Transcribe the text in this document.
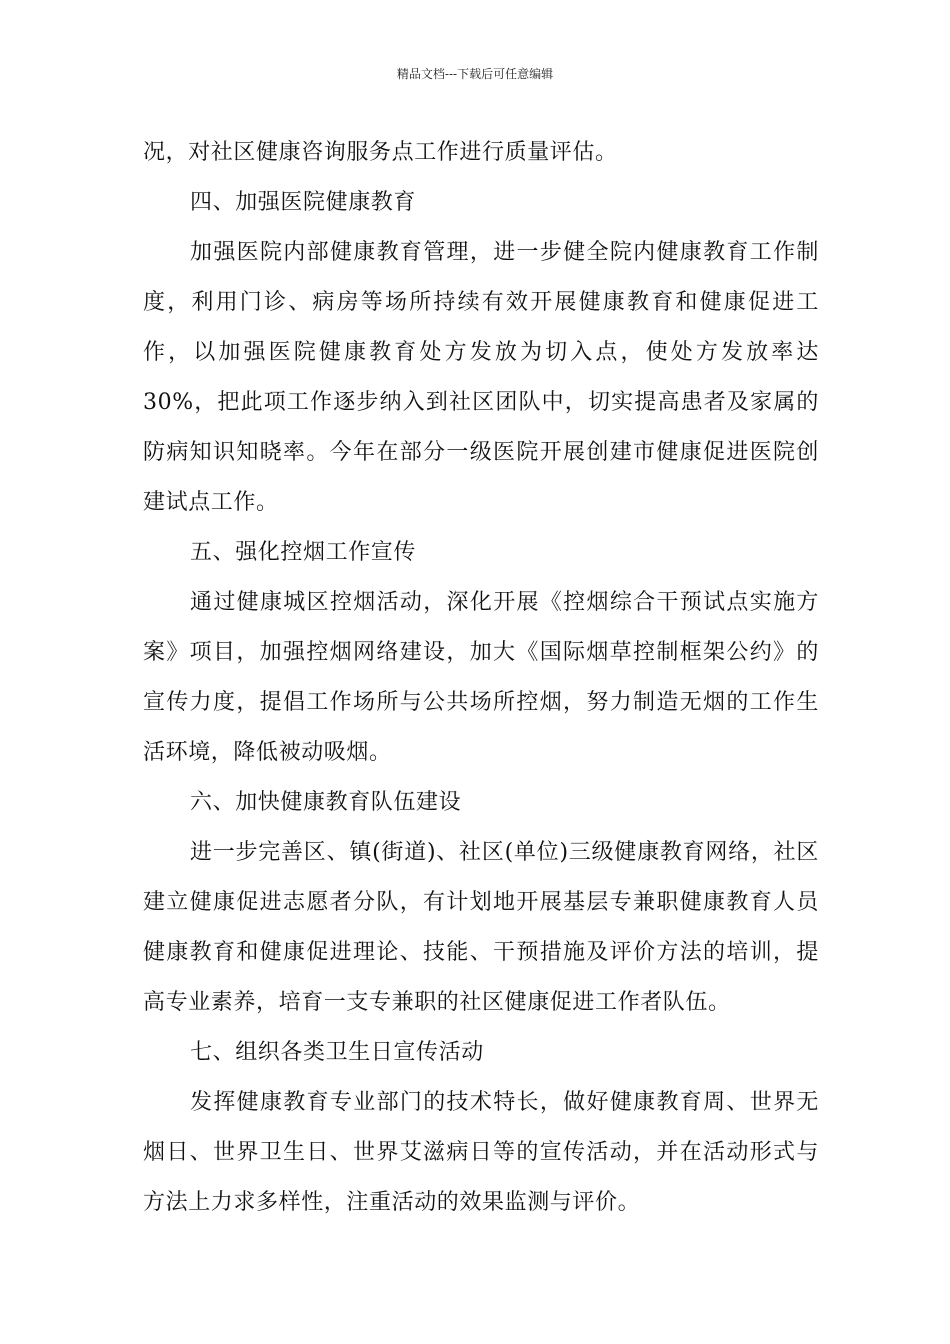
精品文档---下载后可任意编辑

况，对社区健康咨询服务点工作进行质量评估。

四、加强医院健康教育

加强医院内部健康教育管理，进一步健全院内健康教育工作制度，利用门诊、病房等场所持续有效开展健康教育和健康促进工作，以加强医院健康教育处方发放为切入点，使处方发放率达 30%，把此项工作逐步纳入到社区团队中，切实提高患者及家属的防病知识知晓率。今年在部分一级医院开展创建市健康促进医院创建试点工作。

五、强化控烟工作宣传

通过健康城区控烟活动，深化开展《控烟综合干预试点实施方案》项目，加强控烟网络建设，加大《国际烟草控制框架公约》的宣传力度，提倡工作场所与公共场所控烟，努力制造无烟的工作生活环境，降低被动吸烟。

六、加快健康教育队伍建设

进一步完善区、镇(街道)、社区(单位)三级健康教育网络，社区建立健康促进志愿者分队，有计划地开展基层专兼职健康教育人员健康教育和健康促进理论、技能、干预措施及评价方法的培训，提高专业素养，培育一支专兼职的社区健康促进工作者队伍。

七、组织各类卫生日宣传活动

发挥健康教育专业部门的技术特长，做好健康教育周、世界无烟日、世界卫生日、世界艾滋病日等的宣传活动，并在活动形式与方法上力求多样性，注重活动的效果监测与评价。
